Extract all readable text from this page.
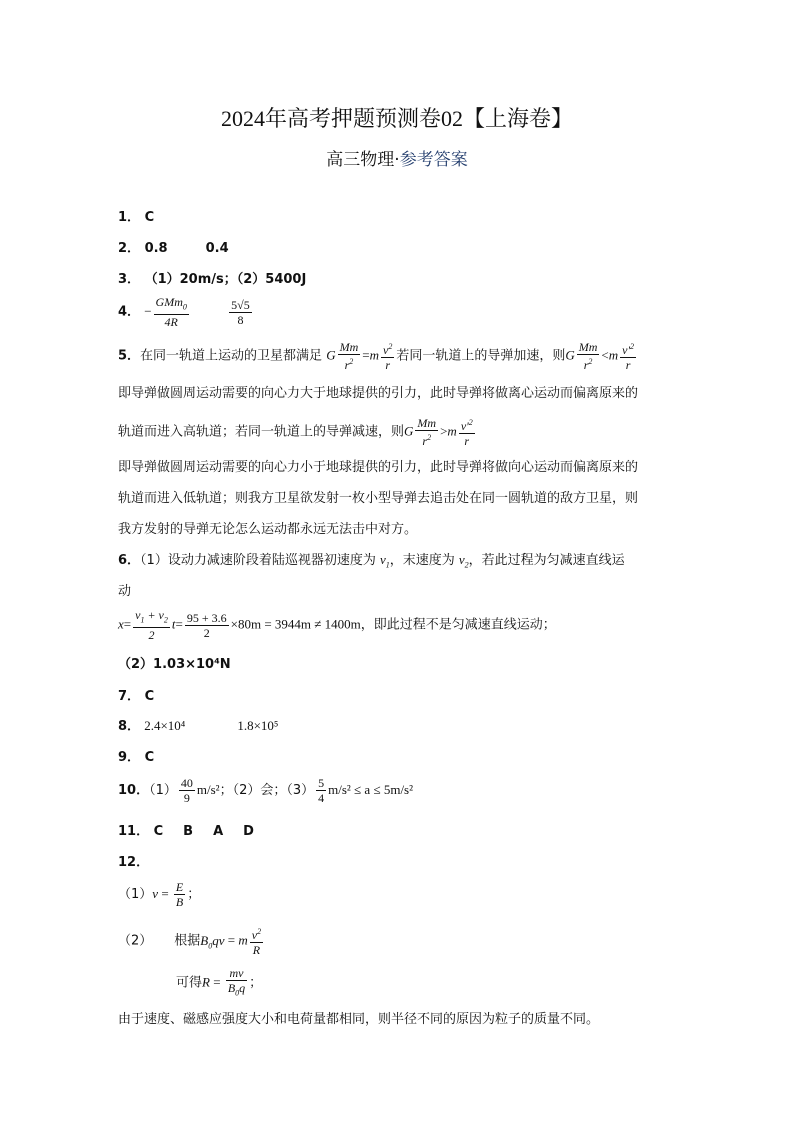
2024年高考押题预测卷02【上海卷】
高三物理·参考答案
1． C
2． 0.8	0.4
3． （1）20m/s；（2）5400J
4． − $\frac{GMm_0}{4R}$
	$\frac{5√5}{8}$
5．在同一轨道上运动的卫星都满足 G $\frac{Mm}{r^2} =m \frac{v^2}{r}$ 若同一轨道上的导弹加速，则G $\frac{Mm}{r^2} <m \frac{v'^2}{r}$
即导弹做圆周运动需要的向心力大于地球提供的引力，此时导弹将做离心运动而偏离原来的
轨道而进入高轨道；若同一轨道上的导弹减速，则G $\frac{Mm}{r^2} >m \frac{v'^2}{r}$
即导弹做圆周运动需要的向心力小于地球提供的引力，此时导弹将做向心运动而偏离原来的
轨道而进入低轨道；则我方卫星欲发射一枚小型导弹去追击处在同一圆轨道的敌方卫星，则
我方发射的导弹无论怎么运动都永远无法击中对方。
6．（1）设动力减速阶段着陆巡视器初速度为 $v_1$，末速度为 $v_2$，若此过程为匀减速直线运
动
$x= \frac{v_1 + v_2}{2} t= \frac{95 + 3.6}{2} \times 80m = 3944m \ne 1400m$，即此过程不是匀减速直线运动；
（2）1.03×10⁴N
7． C
8． 2.4×10⁴	1.8×10⁵
9． C
10．$(1) \frac{40}{9} m/s^2$；（2）会；$(3) \frac{5}{4} m/s^2 \le a \le 5m/s^2$
11． C B A D
12．
$(1)v = \frac{E}{B}$ ；
（2） 根据$B_0qv = m \frac{v^2}{R}$
可得$R = \frac{mv}{B_0q}$ ；
由于速度、磁感应强度大小和电荷量都相同，则半径不同的原因为粒子的质量不同。
